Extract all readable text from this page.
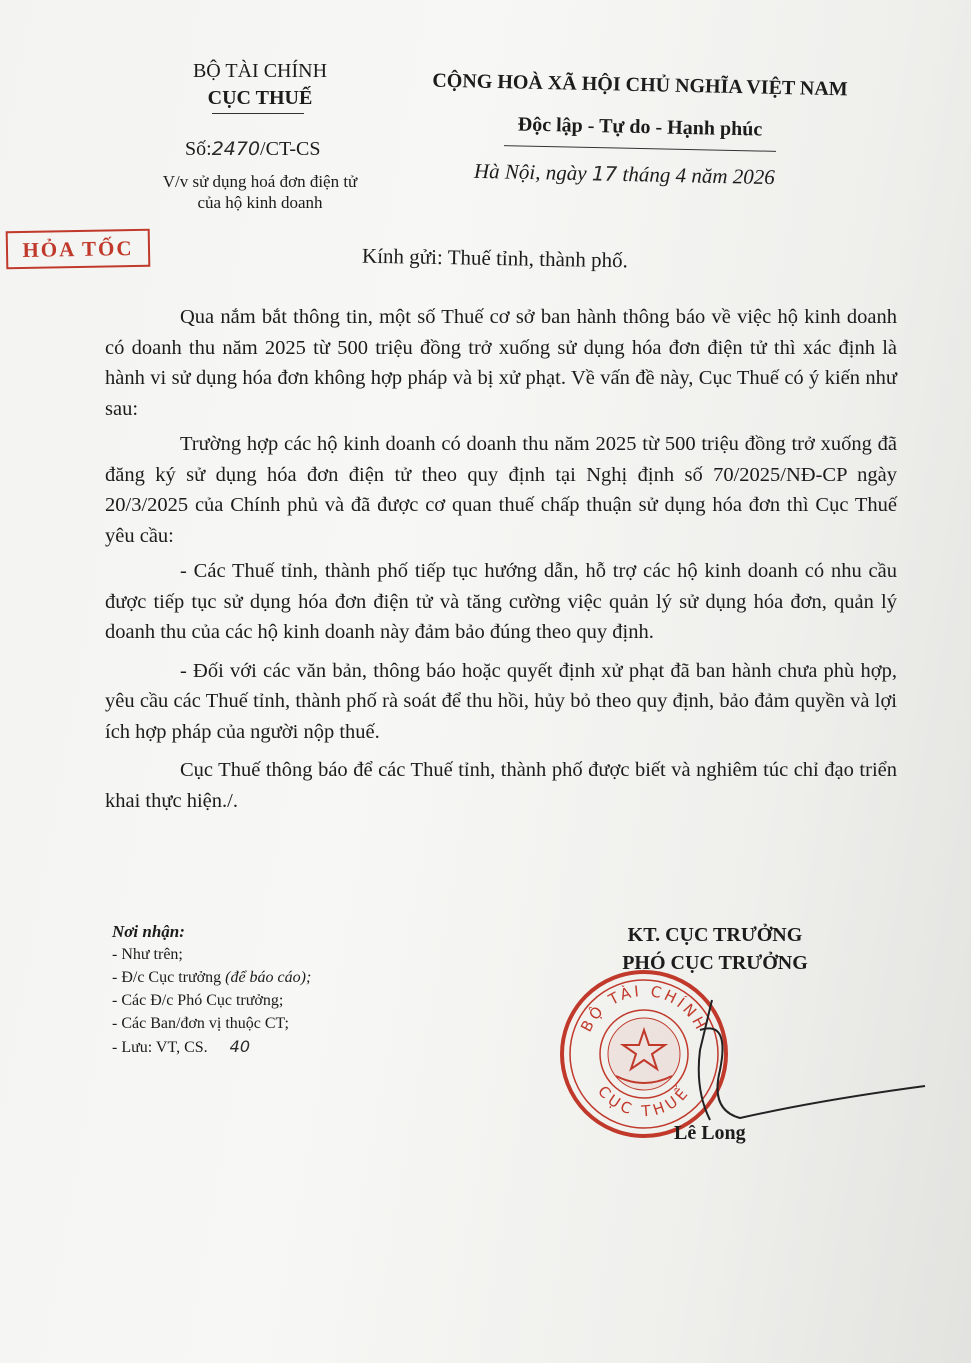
BỘ TÀI CHÍNH
CỤC THUẾ
Số:2470/CT-CS
V/v sử dụng hoá đơn điện tử
của hộ kinh doanh
CỘNG HOÀ XÃ HỘI CHỦ NGHĨA VIỆT NAM
Độc lập - Tự do - Hạnh phúc
Hà Nội, ngày 17 tháng 4 năm 2026
HỎA TỐC	Kính gửi: Thuế tỉnh, thành phố.

Qua nắm bắt thông tin, một số Thuế cơ sở ban hành thông báo về việc hộ kinh doanh có doanh thu năm 2025 từ 500 triệu đồng trở xuống sử dụng hóa đơn điện tử thì xác định là hành vi sử dụng hóa đơn không hợp pháp và bị xử phạt. Về vấn đề này, Cục Thuế có ý kiến như sau:

Trường hợp các hộ kinh doanh có doanh thu năm 2025 từ 500 triệu đồng trở xuống đã đăng ký sử dụng hóa đơn điện tử theo quy định tại Nghị định số 70/2025/NĐ-CP ngày 20/3/2025 của Chính phủ và đã được cơ quan thuế chấp thuận sử dụng hóa đơn thì Cục Thuế yêu cầu:

- Các Thuế tỉnh, thành phố tiếp tục hướng dẫn, hỗ trợ các hộ kinh doanh có nhu cầu được tiếp tục sử dụng hóa đơn điện tử và tăng cường việc quản lý sử dụng hóa đơn, quản lý doanh thu của các hộ kinh doanh này đảm bảo đúng theo quy định.

- Đối với các văn bản, thông báo hoặc quyết định xử phạt đã ban hành chưa phù hợp, yêu cầu các Thuế tỉnh, thành phố rà soát để thu hồi, hủy bỏ theo quy định, bảo đảm quyền và lợi ích hợp pháp của người nộp thuế.

Cục Thuế thông báo để các Thuế tỉnh, thành phố được biết và nghiêm túc chỉ đạo triển khai thực hiện./.

Nơi nhận:
- Như trên;
- Đ/c Cục trưởng (để báo cáo);
- Các Đ/c Phó Cục trưởng;
- Các Ban/đơn vị thuộc CT;
- Lưu: VT, CS. 40
KT. CỤC TRƯỞNG
PHÓ CỤC TRƯỞNG
BỘ TÀI CHÍNH
CỤC THUẾ
Lê Long
